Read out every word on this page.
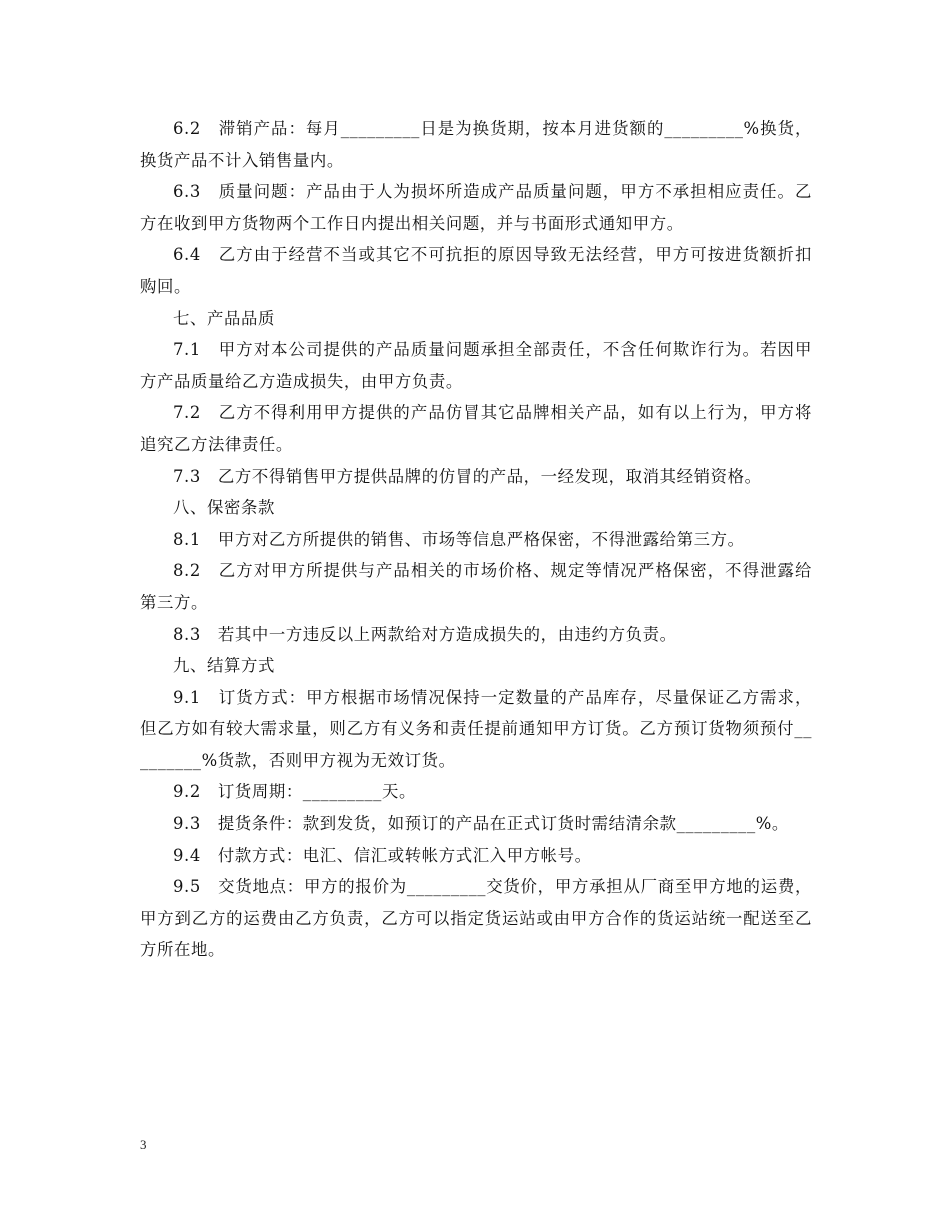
6.2　滞销产品：每月_________日是为换货期，按本月进货额的_________%换货，换货产品不计入销售量内。

6.3　质量问题：产品由于人为损坏所造成产品质量问题，甲方不承担相应责任。乙方在收到甲方货物两个工作日内提出相关问题，并与书面形式通知甲方。

6.4　乙方由于经营不当或其它不可抗拒的原因导致无法经营，甲方可按进货额折扣购回。

七、产品品质

7.1　甲方对本公司提供的产品质量问题承担全部责任，不含任何欺诈行为。若因甲方产品质量给乙方造成损失，由甲方负责。

7.2　乙方不得利用甲方提供的产品仿冒其它品牌相关产品，如有以上行为，甲方将追究乙方法律责任。

7.3　乙方不得销售甲方提供品牌的仿冒的产品，一经发现，取消其经销资格。

八、保密条款

8.1　甲方对乙方所提供的销售、市场等信息严格保密，不得泄露给第三方。

8.2　乙方对甲方所提供与产品相关的市场价格、规定等情况严格保密，不得泄露给第三方。

8.3　若其中一方违反以上两款给对方造成损失的，由违约方负责。

九、结算方式

9.1　订货方式：甲方根据市场情况保持一定数量的产品库存，尽量保证乙方需求，但乙方如有较大需求量，则乙方有义务和责任提前通知甲方订货。乙方预订货物须预付_________%货款，否则甲方视为无效订货。

9.2　订货周期：_________天。

9.3　提货条件：款到发货，如预订的产品在正式订货时需结清余款_________%。

9.4　付款方式：电汇、信汇或转帐方式汇入甲方帐号。

9.5　交货地点：甲方的报价为_________交货价，甲方承担从厂商至甲方地的运费，甲方到乙方的运费由乙方负责，乙方可以指定货运站或由甲方合作的货运站统一配送至乙方所在地。

3
